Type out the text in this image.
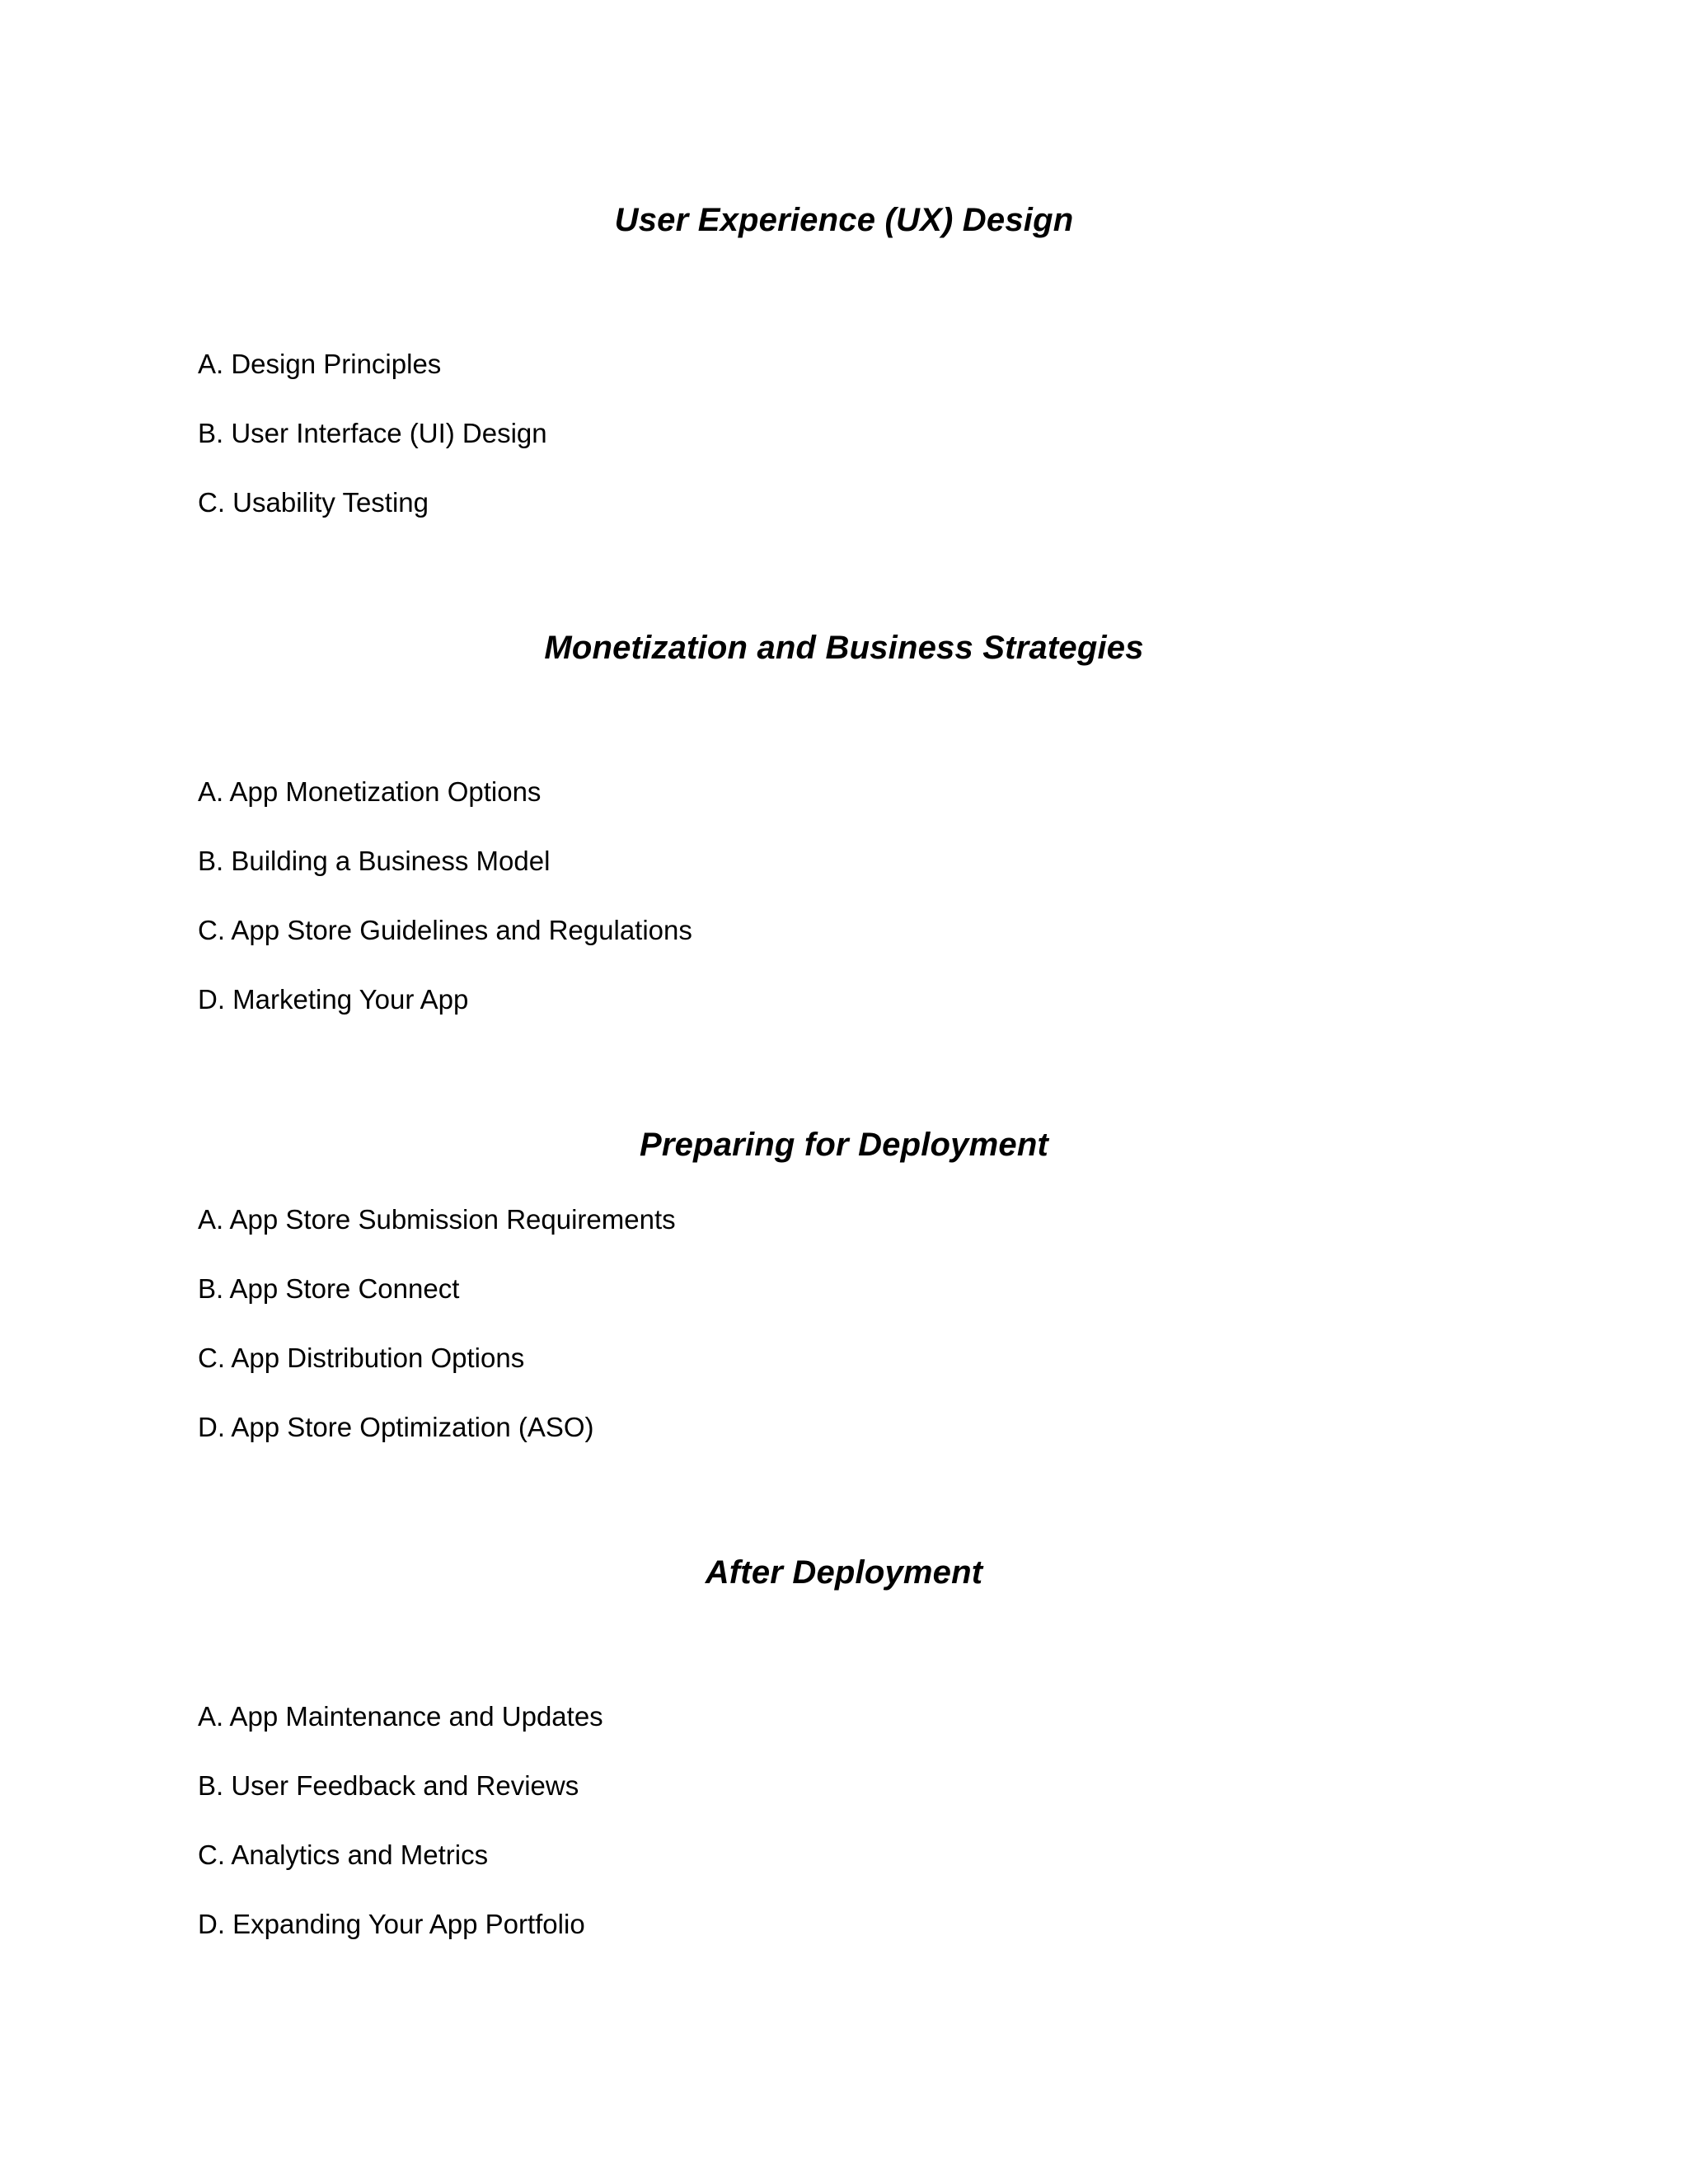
User Experience (UX) Design

A. Design Principles

B. User Interface (UI) Design

C. Usability Testing

Monetization and Business Strategies

A. App Monetization Options

B. Building a Business Model

C. App Store Guidelines and Regulations

D. Marketing Your App

Preparing for Deployment

A. App Store Submission Requirements

B. App Store Connect

C. App Distribution Options

D. App Store Optimization (ASO)

After Deployment

A. App Maintenance and Updates

B. User Feedback and Reviews

C. Analytics and Metrics

D. Expanding Your App Portfolio
